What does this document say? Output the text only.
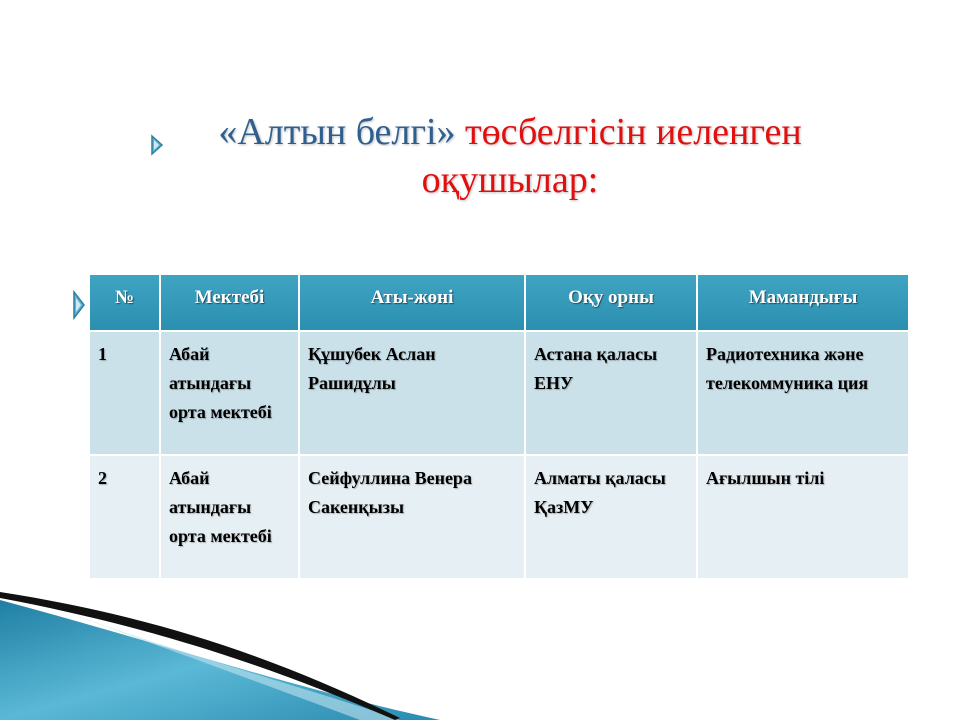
«Алтын белгі» төсбелгісін иеленген
оқушылар:
№	Мектебі	Аты-жөні	Оқу орны	Мамандығы
1	Абай атындағы орта мектебі	Құшубек Аслан Рашидұлы	Астана қаласы ЕНУ	Радиотехника және телекоммуника ция
2	Абай атындағы орта мектебі	Сейфуллина Венера Сакенқызы	Алматы қаласы ҚазМУ	Ағылшын тілі
